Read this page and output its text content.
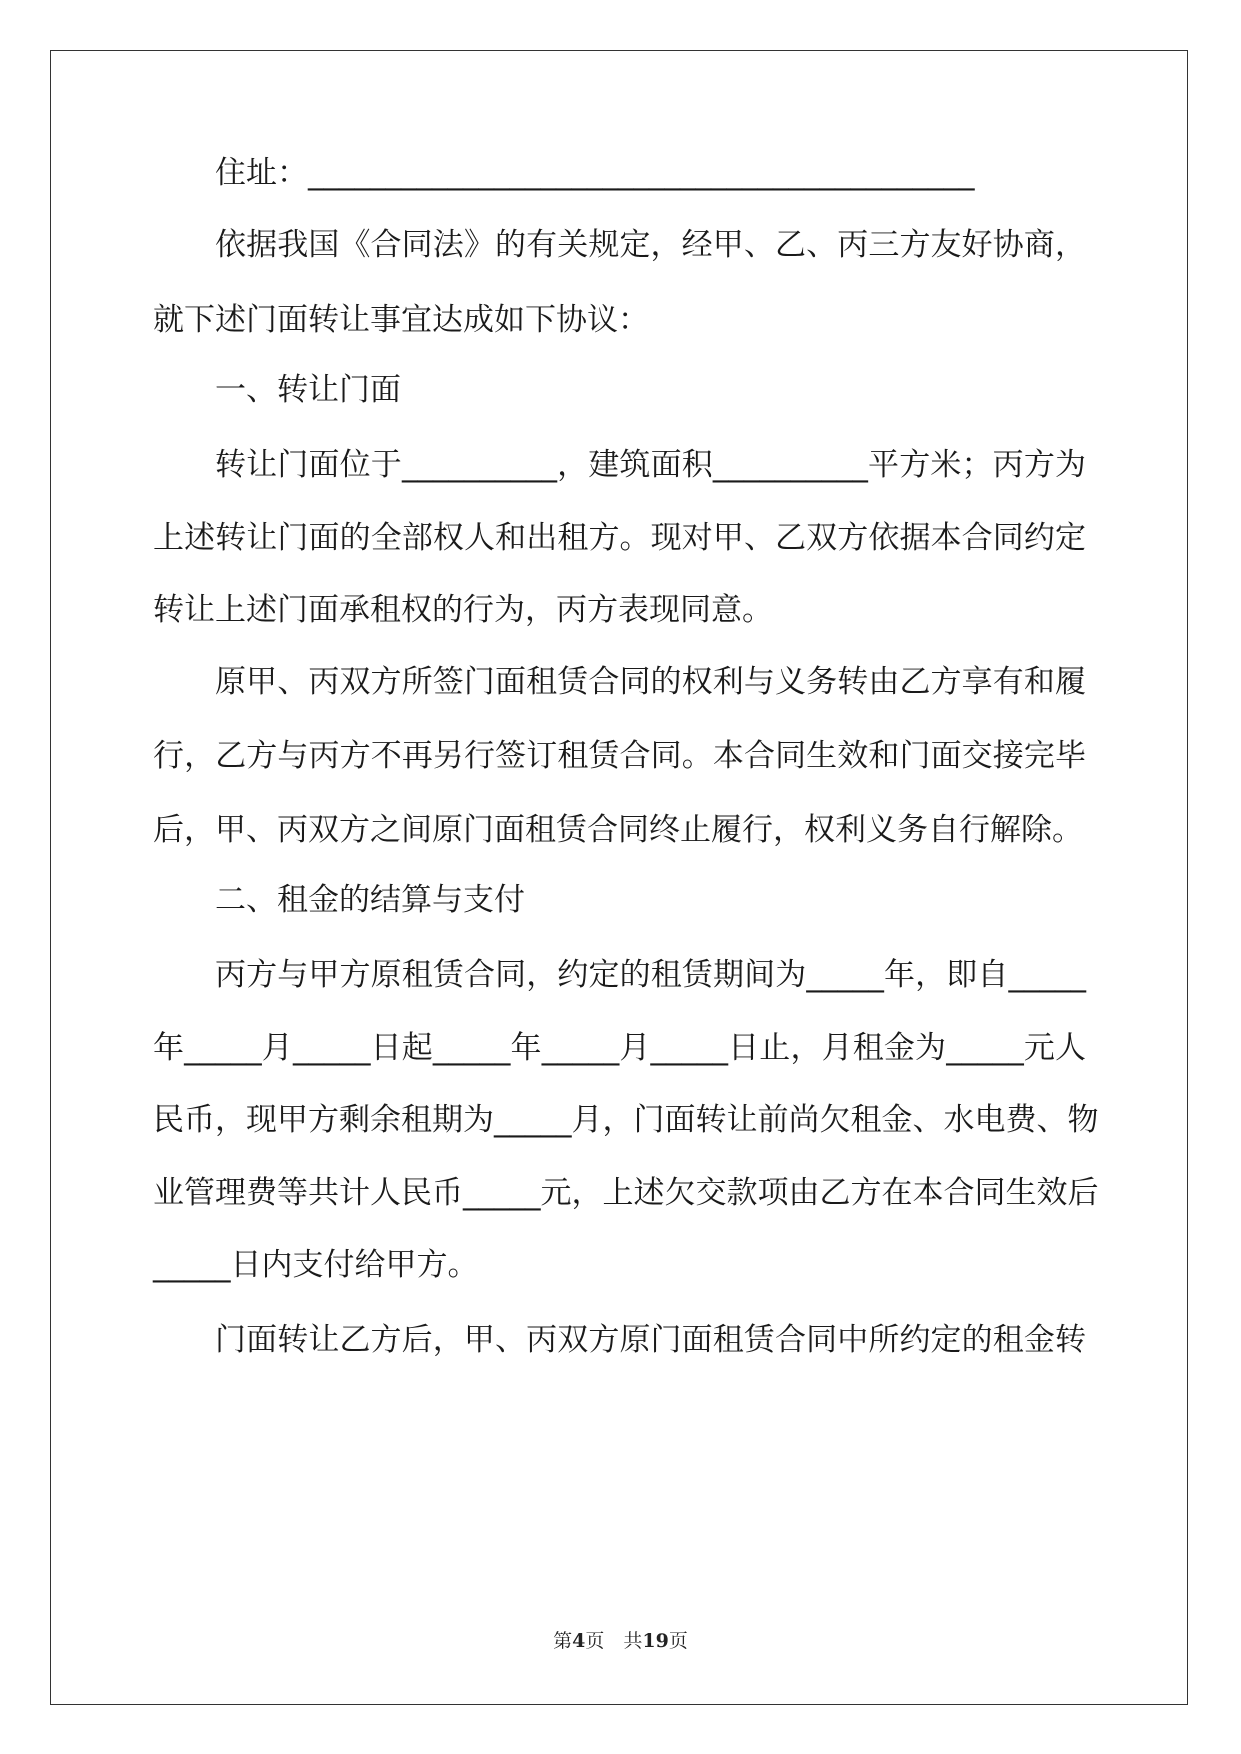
住址：___________________________________________
依据我国《合同法》的有关规定，经甲、乙、丙三方友好协商，
就下述门面转让事宜达成如下协议：
一、转让门面
转让门面位于__________，建筑面积__________平方米；丙方为
上述转让门面的全部权人和出租方。现对甲、乙双方依据本合同约定
转让上述门面承租权的行为，丙方表现同意。
原甲、丙双方所签门面租赁合同的权利与义务转由乙方享有和履
行，乙方与丙方不再另行签订租赁合同。本合同生效和门面交接完毕
后，甲、丙双方之间原门面租赁合同终止履行，权利义务自行解除。
二、租金的结算与支付
丙方与甲方原租赁合同，约定的租赁期间为_____年，即自_____
年_____月_____日起_____年_____月_____日止，月租金为_____元人
民币，现甲方剩余租期为_____月，门面转让前尚欠租金、水电费、物
业管理费等共计人民币_____元，上述欠交款项由乙方在本合同生效后
_____日内支付给甲方。
门面转让乙方后，甲、丙双方原门面租赁合同中所约定的租金转
第4页　共19页
